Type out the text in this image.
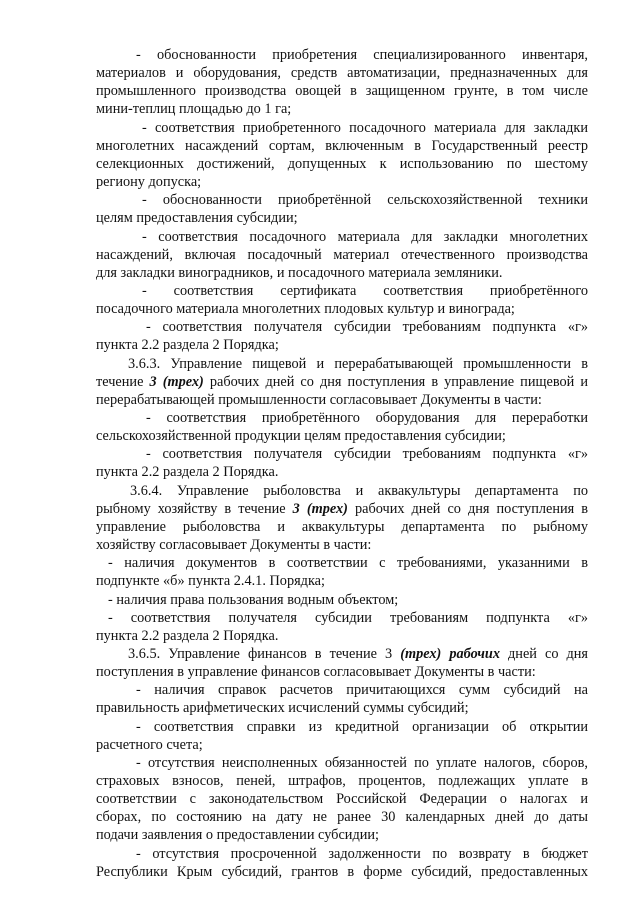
- обоснованности приобретения специализированного инвентаря,
материалов и оборудования, средств автоматизации, предназначенных для
промышленного производства овощей в защищенном грунте, в том числе
мини-теплиц площадью до 1 га;
- соответствия приобретенного посадочного материала для закладки
многолетних насаждений сортам, включенным в Государственный реестр
селекционных достижений, допущенных к использованию по шестому
региону допуска;
- обоснованности приобретённой сельскохозяйственной техники
целям предоставления субсидии;
- соответствия посадочного материала для закладки многолетних
насаждений, включая посадочный материал отечественного производства
для закладки виноградников, и посадочного материала земляники.
- соответствия сертификата соответствия приобретённого
посадочного материала многолетних плодовых культур и винограда;
- соответствия получателя субсидии требованиям подпункта «г»
пункта 2.2 раздела 2 Порядка;
3.6.3. Управление пищевой и перерабатывающей промышленности в
течение 3 (трех) рабочих дней со дня поступления в управление пищевой и
перерабатывающей промышленности согласовывает Документы в части:
- соответствия приобретённого оборудования для переработки
сельскохозяйственной продукции целям предоставления субсидии;
- соответствия получателя субсидии требованиям подпункта «г»
пункта 2.2 раздела 2 Порядка.
3.6.4. Управление рыболовства и аквакультуры департамента по
рыбному хозяйству в течение 3 (трех) рабочих дней со дня поступления в
управление рыболовства и аквакультуры департамента по рыбному
хозяйству согласовывает Документы в части:
- наличия документов в соответствии с требованиями, указанними в
подпункте «б» пункта 2.4.1. Порядка;
- наличия права пользования водным объектом;
- соответствия получателя субсидии требованиям подпункта «г»
пункта 2.2 раздела 2 Порядка.
3.6.5. Управление финансов в течение 3 (трех) рабочих дней со дня
поступления в управление финансов согласовывает Документы в части:
- наличия справок расчетов причитающихся сумм субсидий на
правильность арифметических исчислений суммы субсидий;
- соответствия справки из кредитной организации об открытии
расчетного счета;
- отсутствия неисполненных обязанностей по уплате налогов, сборов,
страховых взносов, пеней, штрафов, процентов, подлежащих уплате в
соответствии с законодательством Российской Федерации о налогах и
сборах, по состоянию на дату не ранее 30 календарных дней до даты
подачи заявления о предоставлении субсидии;
- отсутствия просроченной задолженности по возврату в бюджет
Республики Крым субсидий, грантов в форме субсидий, предоставленных
